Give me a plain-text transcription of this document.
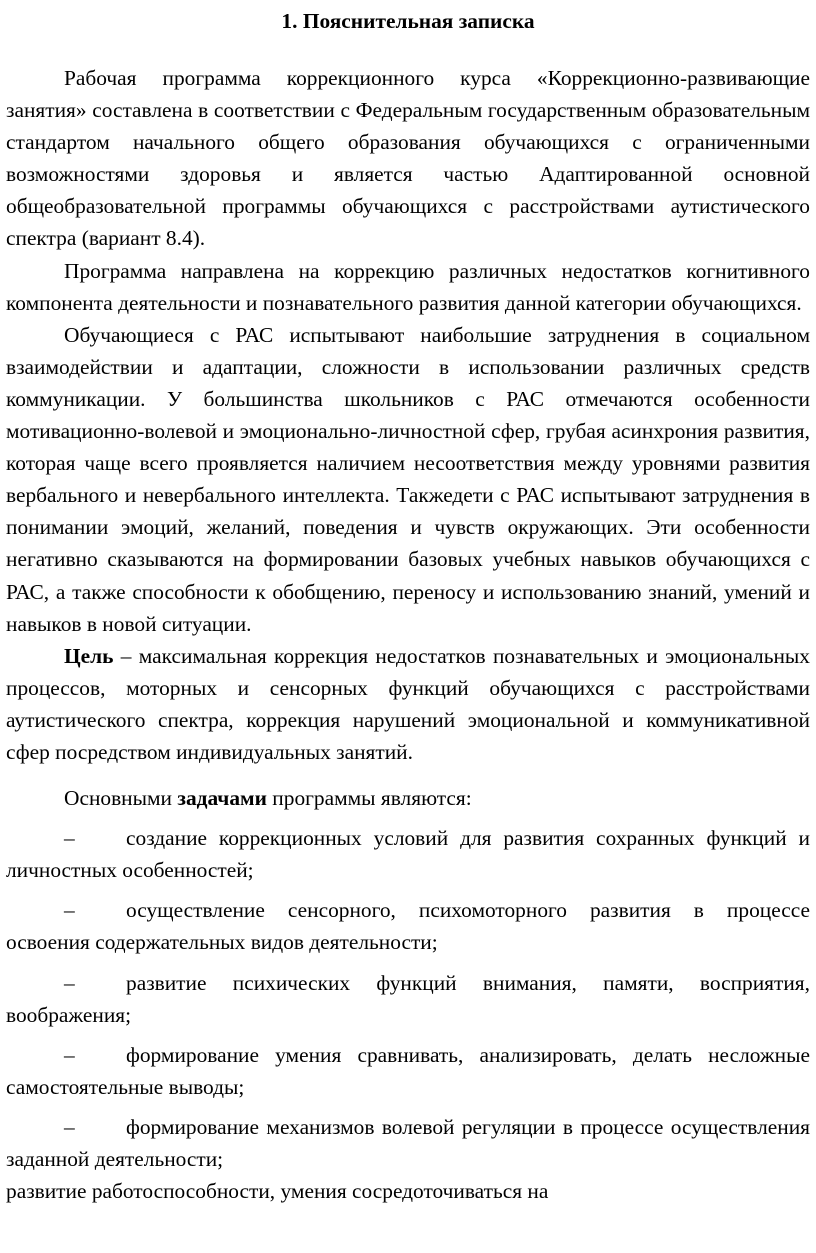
1. Пояснительная записка

Рабочая программа коррекционного курса «Коррекционно-развивающие занятия» составлена в соответствии с Федеральным государственным образовательным стандартом начального общего образования обучающихся с ограниченными возможностями здоровья и является частью Адаптированной основной общеобразовательной программы обучающихся с расстройствами аутистического спектра (вариант 8.4).

Программа направлена на коррекцию различных недостатков когнитивного компонента деятельности и познавательного развития данной категории обучающихся.

Обучающиеся с РАС испытывают наибольшие затруднения в социальном взаимодействии и адаптации, сложности в использовании различных средств коммуникации. У большинства школьников с РАС отмечаются особенности мотивационно-волевой и эмоционально-личностной сфер, грубая асинхрония развития, которая чаще всего проявляется наличием несоответствия между уровнями развития вербального и невербального интеллекта. Такжедети с РАС испытывают затруднения в понимании эмоций, желаний, поведения и чувств окружающих. Эти особенности негативно сказываются на формировании базовых учебных навыков обучающихся с РАС, а также способности к обобщению, переносу и использованию знаний, умений и навыков в новой ситуации.

Цель – максимальная коррекция недостатков познавательных и эмоциональных процессов, моторных и сенсорных функций обучающихся с расстройствами аутистического спектра, коррекция нарушений эмоциональной и коммуникативной сфер посредством индивидуальных занятий.

Основными задачами программы являются:

– создание коррекционных условий для развития сохранных функций и личностных особенностей;

– осуществление сенсорного, психомоторного развития в процессе освоения содержательных видов деятельности;

– развитие психических функций внимания, памяти, восприятия, воображения;

– формирование умения сравнивать, анализировать, делать несложные самостоятельные выводы;

– формирование механизмов волевой регуляции в процессе осуществления заданной деятельности;

развитие работоспособности, умения сосредоточиваться на
